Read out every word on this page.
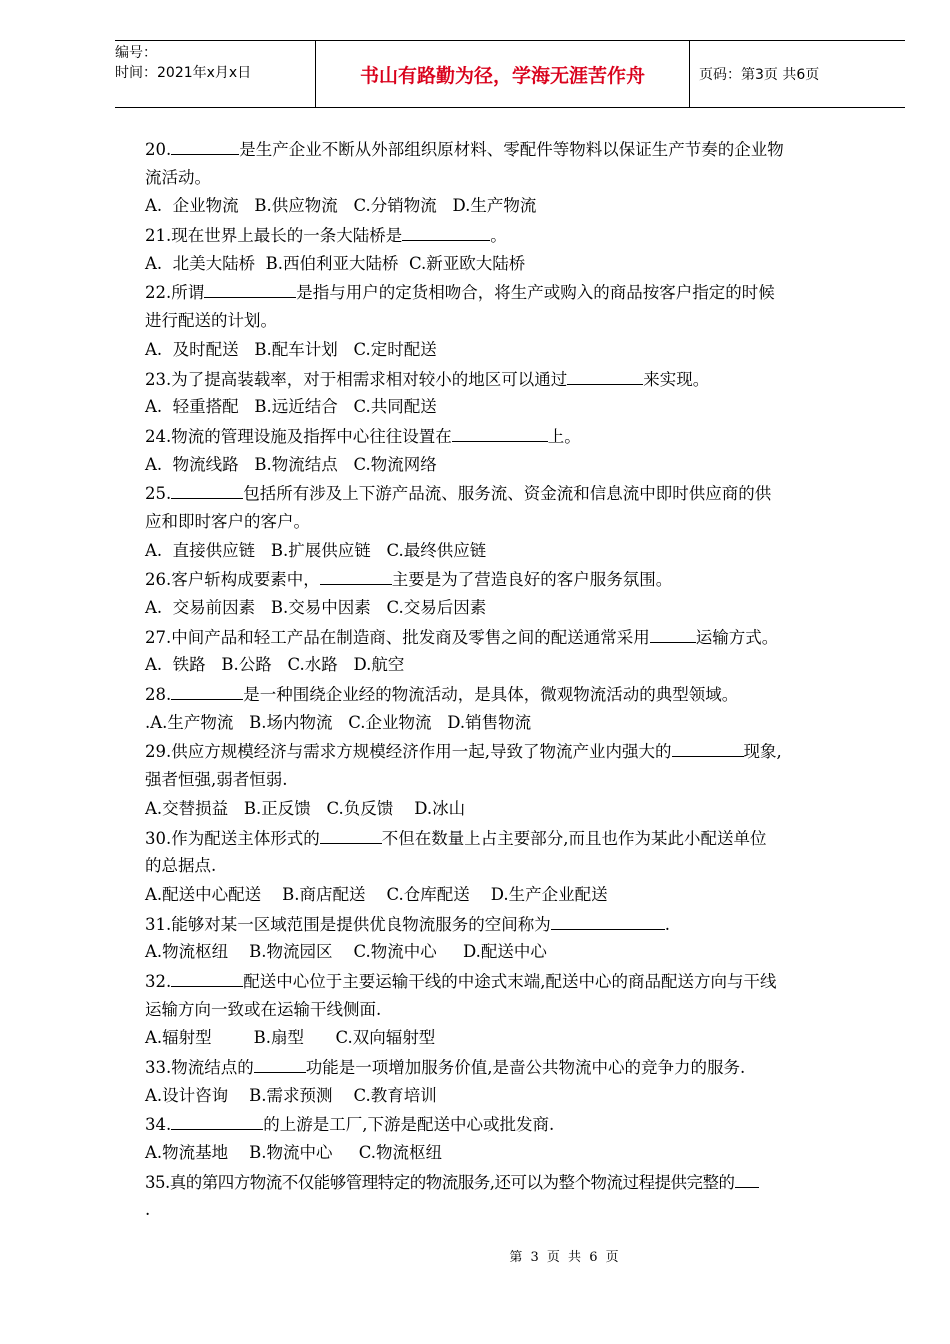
编号：
时间：2021年x月x日	书山有路勤为径，学海无涯苦作舟	页码：第3页 共6页
20.	是生产企业不断从外部组织原材料、零配件等物料以保证生产节奏的企业物
流活动。
A.  企业物流   B.供应物流   C.分销物流   D.生产物流
21.现在世界上最长的一条大陆桥是	。
A.  北美大陆桥  B.西伯利亚大陆桥  C.新亚欧大陆桥
22.所谓	是指与用户的定货相吻合，将生产或购入的商品按客户指定的时候
进行配送的计划。
A.  及时配送   B.配车计划   C.定时配送
23.为了提高装载率，对于相需求相对较小的地区可以通过	来实现。
A.  轻重搭配   B.远近结合   C.共同配送
24.物流的管理设施及指挥中心往往设置在	上。
A.  物流线路   B.物流结点   C.物流网络
25.	包括所有涉及上下游产品流、服务流、资金流和信息流中即时供应商的供
应和即时客户的客户。
A.  直接供应链   B.扩展供应链   C.最终供应链
26.客户斩构成要素中，	主要是为了营造良好的客户服务氛围。
A.  交易前因素   B.交易中因素   C.交易后因素
27.中间产品和轻工产品在制造商、批发商及零售之间的配送通常采用	运输方式。
A.  铁路   B.公路   C.水路   D.航空
28.	是一种围绕企业经的物流活动，是具体，微观物流活动的典型领域。
.A.生产物流   B.场内物流   C.企业物流   D.销售物流
29.供应方规模经济与需求方规模经济作用一起,导致了物流产业内强大的	现象,
强者恒强,弱者恒弱.
A.交替损益   B.正反馈   C.负反馈    D.冰山
30.作为配送主体形式的	不但在数量上占主要部分,而且也作为某此小配送单位
的总据点.
A.配送中心配送    B.商店配送    C.仓库配送    D.生产企业配送
31.能够对某一区域范围是提供优良物流服务的空间称为	.
A.物流枢纽    B.物流园区    C.物流中心     D.配送中心
32.	配送中心位于主要运输干线的中途式末端,配送中心的商品配送方向与干线
运输方向一致或在运输干线侧面.
A.辐射型        B.扇型      C.双向辐射型
33.物流结点的	功能是一项增加服务价值,是啬公共物流中心的竞争力的服务.
A.设计咨询    B.需求预测    C.教育培训
34.	的上游是工厂,下游是配送中心或批发商.
A.物流基地    B.物流中心     C.物流枢纽
35.真的第四方物流不仅能够管理特定的物流服务,还可以为整个物流过程提供完整的
.
第 3 页 共 6 页
